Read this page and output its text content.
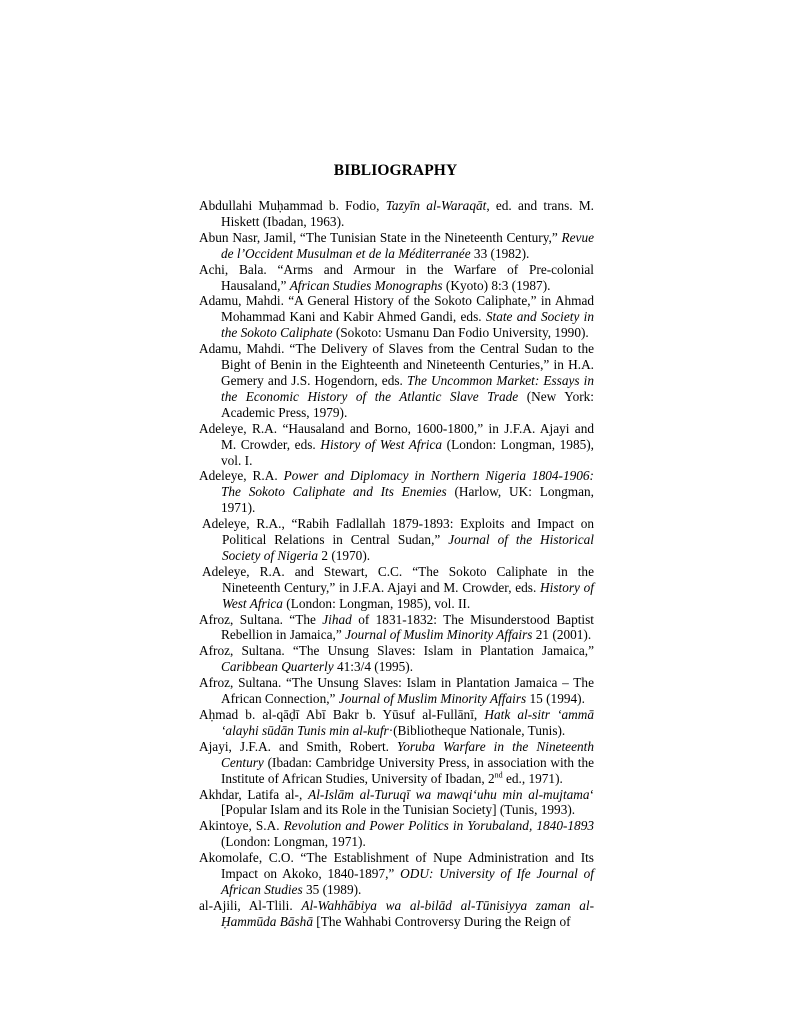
BIBLIOGRAPHY

Abdullahi Muḥammad b. Fodio, Tazyīn al-Waraqāt, ed. and trans. M. Hiskett (Ibadan, 1963).

Abun Nasr, Jamil, “The Tunisian State in the Nineteenth Century,” Revue de l’Occident Musulman et de la Méditerranée 33 (1982).

Achi, Bala. “Arms and Armour in the Warfare of Pre-colonial Hausaland,” African Studies Monographs (Kyoto) 8:3 (1987).

Adamu, Mahdi. “A General History of the Sokoto Caliphate,” in Ahmad Mohammad Kani and Kabir Ahmed Gandi, eds. State and Society in the Sokoto Caliphate (Sokoto: Usmanu Dan Fodio University, 1990).

Adamu, Mahdi. “The Delivery of Slaves from the Central Sudan to the Bight of Benin in the Eighteenth and Nineteenth Centuries,” in H.A. Gemery and J.S. Hogendorn, eds. The Uncommon Market: Essays in the Economic History of the Atlantic Slave Trade (New York: Academic Press, 1979).

Adeleye, R.A. “Hausaland and Borno, 1600-1800,” in J.F.A. Ajayi and M. Crowder, eds. History of West Africa (London: Longman, 1985), vol. I.

Adeleye, R.A. Power and Diplomacy in Northern Nigeria 1804-1906: The Sokoto Caliphate and Its Enemies (Harlow, UK: Longman, 1971).

Adeleye, R.A., “Rabih Fadlallah 1879-1893: Exploits and Impact on Political Relations in Central Sudan,” Journal of the Historical Society of Nigeria 2 (1970).

Adeleye, R.A. and Stewart, C.C. “The Sokoto Caliphate in the Nineteenth Century,” in J.F.A. Ajayi and M. Crowder, eds. History of West Africa (London: Longman, 1985), vol. II.

Afroz, Sultana. “The Jihad of 1831-1832: The Misunderstood Baptist Rebellion in Jamaica,” Journal of Muslim Minority Affairs 21 (2001).

Afroz, Sultana. “The Unsung Slaves: Islam in Plantation Jamaica,” Caribbean Quarterly 41:3/4 (1995).

Afroz, Sultana. “The Unsung Slaves: Islam in Plantation Jamaica – The African Connection,” Journal of Muslim Minority Affairs 15 (1994).

Aḥmad b. al-qāḍī Abī Bakr b. Yūsuf al-Fullānī, Hatk al-sitr ‘ammā ‘alayhi sūdān Tunis min al-kufr·(Bibliotheque Nationale, Tunis).

Ajayi, J.F.A. and Smith, Robert. Yoruba Warfare in the Nineteenth Century (Ibadan: Cambridge University Press, in association with the Institute of African Studies, University of Ibadan, 2nd ed., 1971).

Akhdar, Latifa al-, Al-Islām al-Turuqī wa mawqi‘uhu min al-mujtama‘ [Popular Islam and its Role in the Tunisian Society] (Tunis, 1993).

Akintoye, S.A. Revolution and Power Politics in Yorubaland, 1840-1893 (London: Longman, 1971).

Akomolafe, C.O. “The Establishment of Nupe Administration and Its Impact on Akoko, 1840-1897,” ODU: University of Ife Journal of African Studies 35 (1989).

al-Ajili, Al-Tlili. Al-Wahhābiya wa al-bilād al-Tūnisiyya zaman al-Ḥammūda Bāshā [The Wahhabi Controversy During the Reign of
